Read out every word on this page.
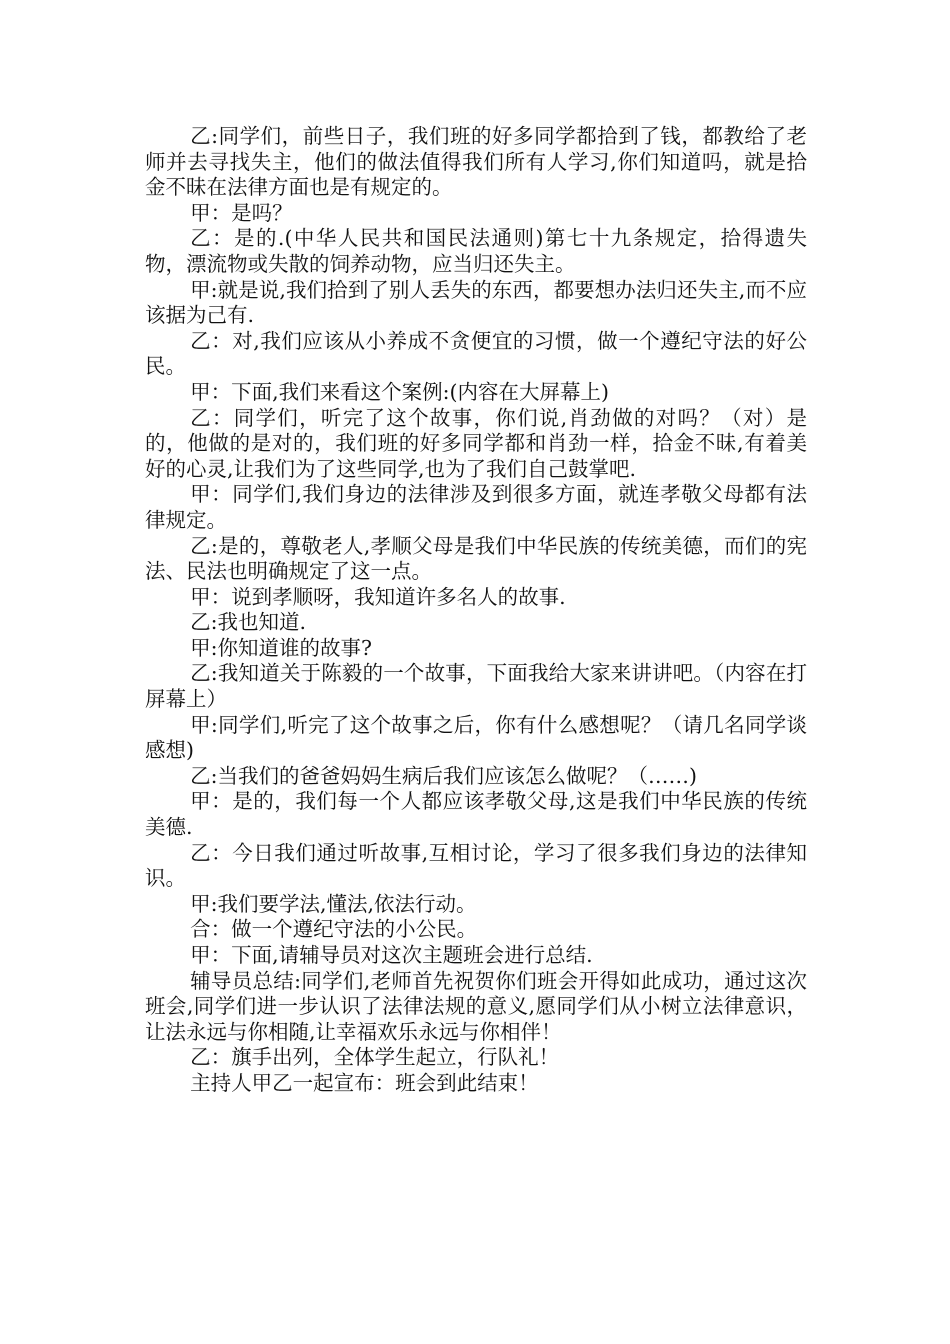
乙:同学们，前些日子，我们班的好多同学都拾到了钱，都教给了老师并去寻找失主，他们的做法值得我们所有人学习,你们知道吗，就是拾金不昧在法律方面也是有规定的。

甲：是吗？

乙：是的.(中华人民共和国民法通则)第七十九条规定，拾得遗失物，漂流物或失散的饲养动物，应当归还失主。

甲:就是说,我们拾到了别人丢失的东西，都要想办法归还失主,而不应该据为己有.

乙：对,我们应该从小养成不贪便宜的习惯，做一个遵纪守法的好公民。

甲：下面,我们来看这个案例:(内容在大屏幕上)

乙：同学们，听完了这个故事，你们说,肖劲做的对吗？（对）是的，他做的是对的，我们班的好多同学都和肖劲一样，拾金不昧,有着美好的心灵,让我们为了这些同学,也为了我们自己鼓掌吧.

甲：同学们,我们身边的法律涉及到很多方面，就连孝敬父母都有法律规定。

乙:是的，尊敬老人,孝顺父母是我们中华民族的传统美德，而们的宪法、民法也明确规定了这一点。

甲：说到孝顺呀，我知道许多名人的故事.

乙:我也知道.

甲:你知道谁的故事?

乙:我知道关于陈毅的一个故事，下面我给大家来讲讲吧。（内容在打屏幕上）

甲:同学们,听完了这个故事之后，你有什么感想呢？（请几名同学谈感想)

乙:当我们的爸爸妈妈生病后我们应该怎么做呢？（……)

甲：是的，我们每一个人都应该孝敬父母,这是我们中华民族的传统美德.

乙：今日我们通过听故事,互相讨论，学习了很多我们身边的法律知识。

甲:我们要学法,懂法,依法行动。

合：做一个遵纪守法的小公民。

甲：下面,请辅导员对这次主题班会进行总结.

辅导员总结:同学们,老师首先祝贺你们班会开得如此成功，通过这次班会,同学们进一步认识了法律法规的意义,愿同学们从小树立法律意识，让法永远与你相随,让幸福欢乐永远与你相伴！

乙：旗手出列，全体学生起立，行队礼！

主持人甲乙一起宣布：班会到此结束！
